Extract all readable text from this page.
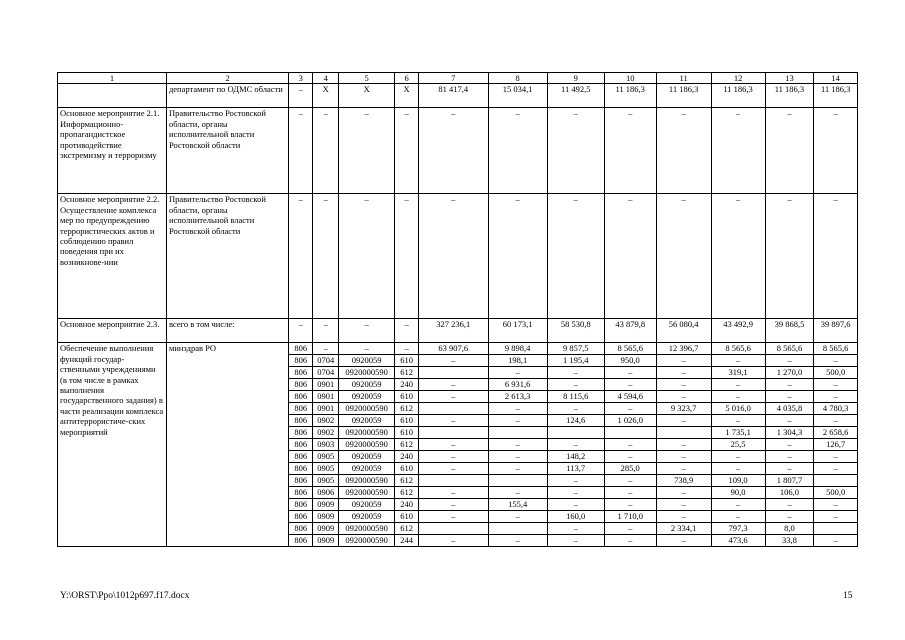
1	2	3	4	5	6	7	8	9	10	11	12	13	14
	департамент по ОДМС области	–	Х	Х	Х	81 417,4	15 034,1	11 492,5	11 186,3	11 186,3	11 186,3	11 186,3	11 186,3
Основное мероприятие 2.1. Информационно-пропагандистское противодействие экстремизму и терроризму	Правительство Ростовской области, органы исполнительной власти Ростовской области	–	–	–	–	–	–	–	–	–	–	–	–
Основное мероприятие 2.2. Осуществление комплекса мер по предупреждению террористических актов и соблюдению правил поведения при их возникнове-нии	Правительство Ростовской области, органы исполнительной власти Ростовской области	–	–	–	–	–	–	–	–	–	–	–	–
Основное мероприятие 2.3.	всего в том числе:	–	–	–	–	327 236,1	60 173,1	58 530,8	43 879,8	56 080,4	43 492,9	39 868,5	39 897,6
Обеспечение выполнения функций государ-ственными учреждениями (в том числе в рамках выполнения государственного задания) в части реализации комплекса антитеррористиче-ских мероприятий	минздрав РО	806	–	–	–	63 907,6	9 898,4	9 857,5	8 565,6	12 396,7	8 565,6	8 565,6	8 565,6
		806	0704	0920059	610	–	198,1	1 195,4	950,0	–	–	–	–
		806	0704	0920000590	612		–	–	–	–	319,1	1 270,0	500,0
		806	0901	0920059	240	–	6 931,6	–	–	–	–	–	–
		806	0901	0920059	610	–	2 613,3	8 115,6	4 594,6	–	–	–	–
		806	0901	0920000590	612		–	–	–	9 323,7	5 016,0	4 035,8	4 780,3
		806	0902	0920059	610	–	–	124,6	1 026,0	–	–	–	–
		806	0902	0920000590	610						1 735,1	1 304,3	2 658,6
		806	0903	0920000590	612	–	–	–	–	–	25,5	–	126,7
		806	0905	0920059	240	–	–	148,2	–	–	–	–	–
		806	0905	0920059	610	–	–	113,7	285,0	–	–	–	–
		806	0905	0920000590	612			–	–	738,9	109,0	1 807,7	
		806	0906	0920000590	612	–	–	–	–	–	90,0	106,0	500,0
		806	0909	0920059	240	–	155,4	–	–	–	–	–	–
		806	0909	0920059	610	–	–	160,0	1 710,0	–	–	–	–
		806	0909	0920000590	612			–	–	2 334,1	797,3	8,0	
		806	0909	0920000590	244	–	–	–	–	–	473,6	33,8	–
Y:\ORST\Ppo\1012p697.f17.docx	15
